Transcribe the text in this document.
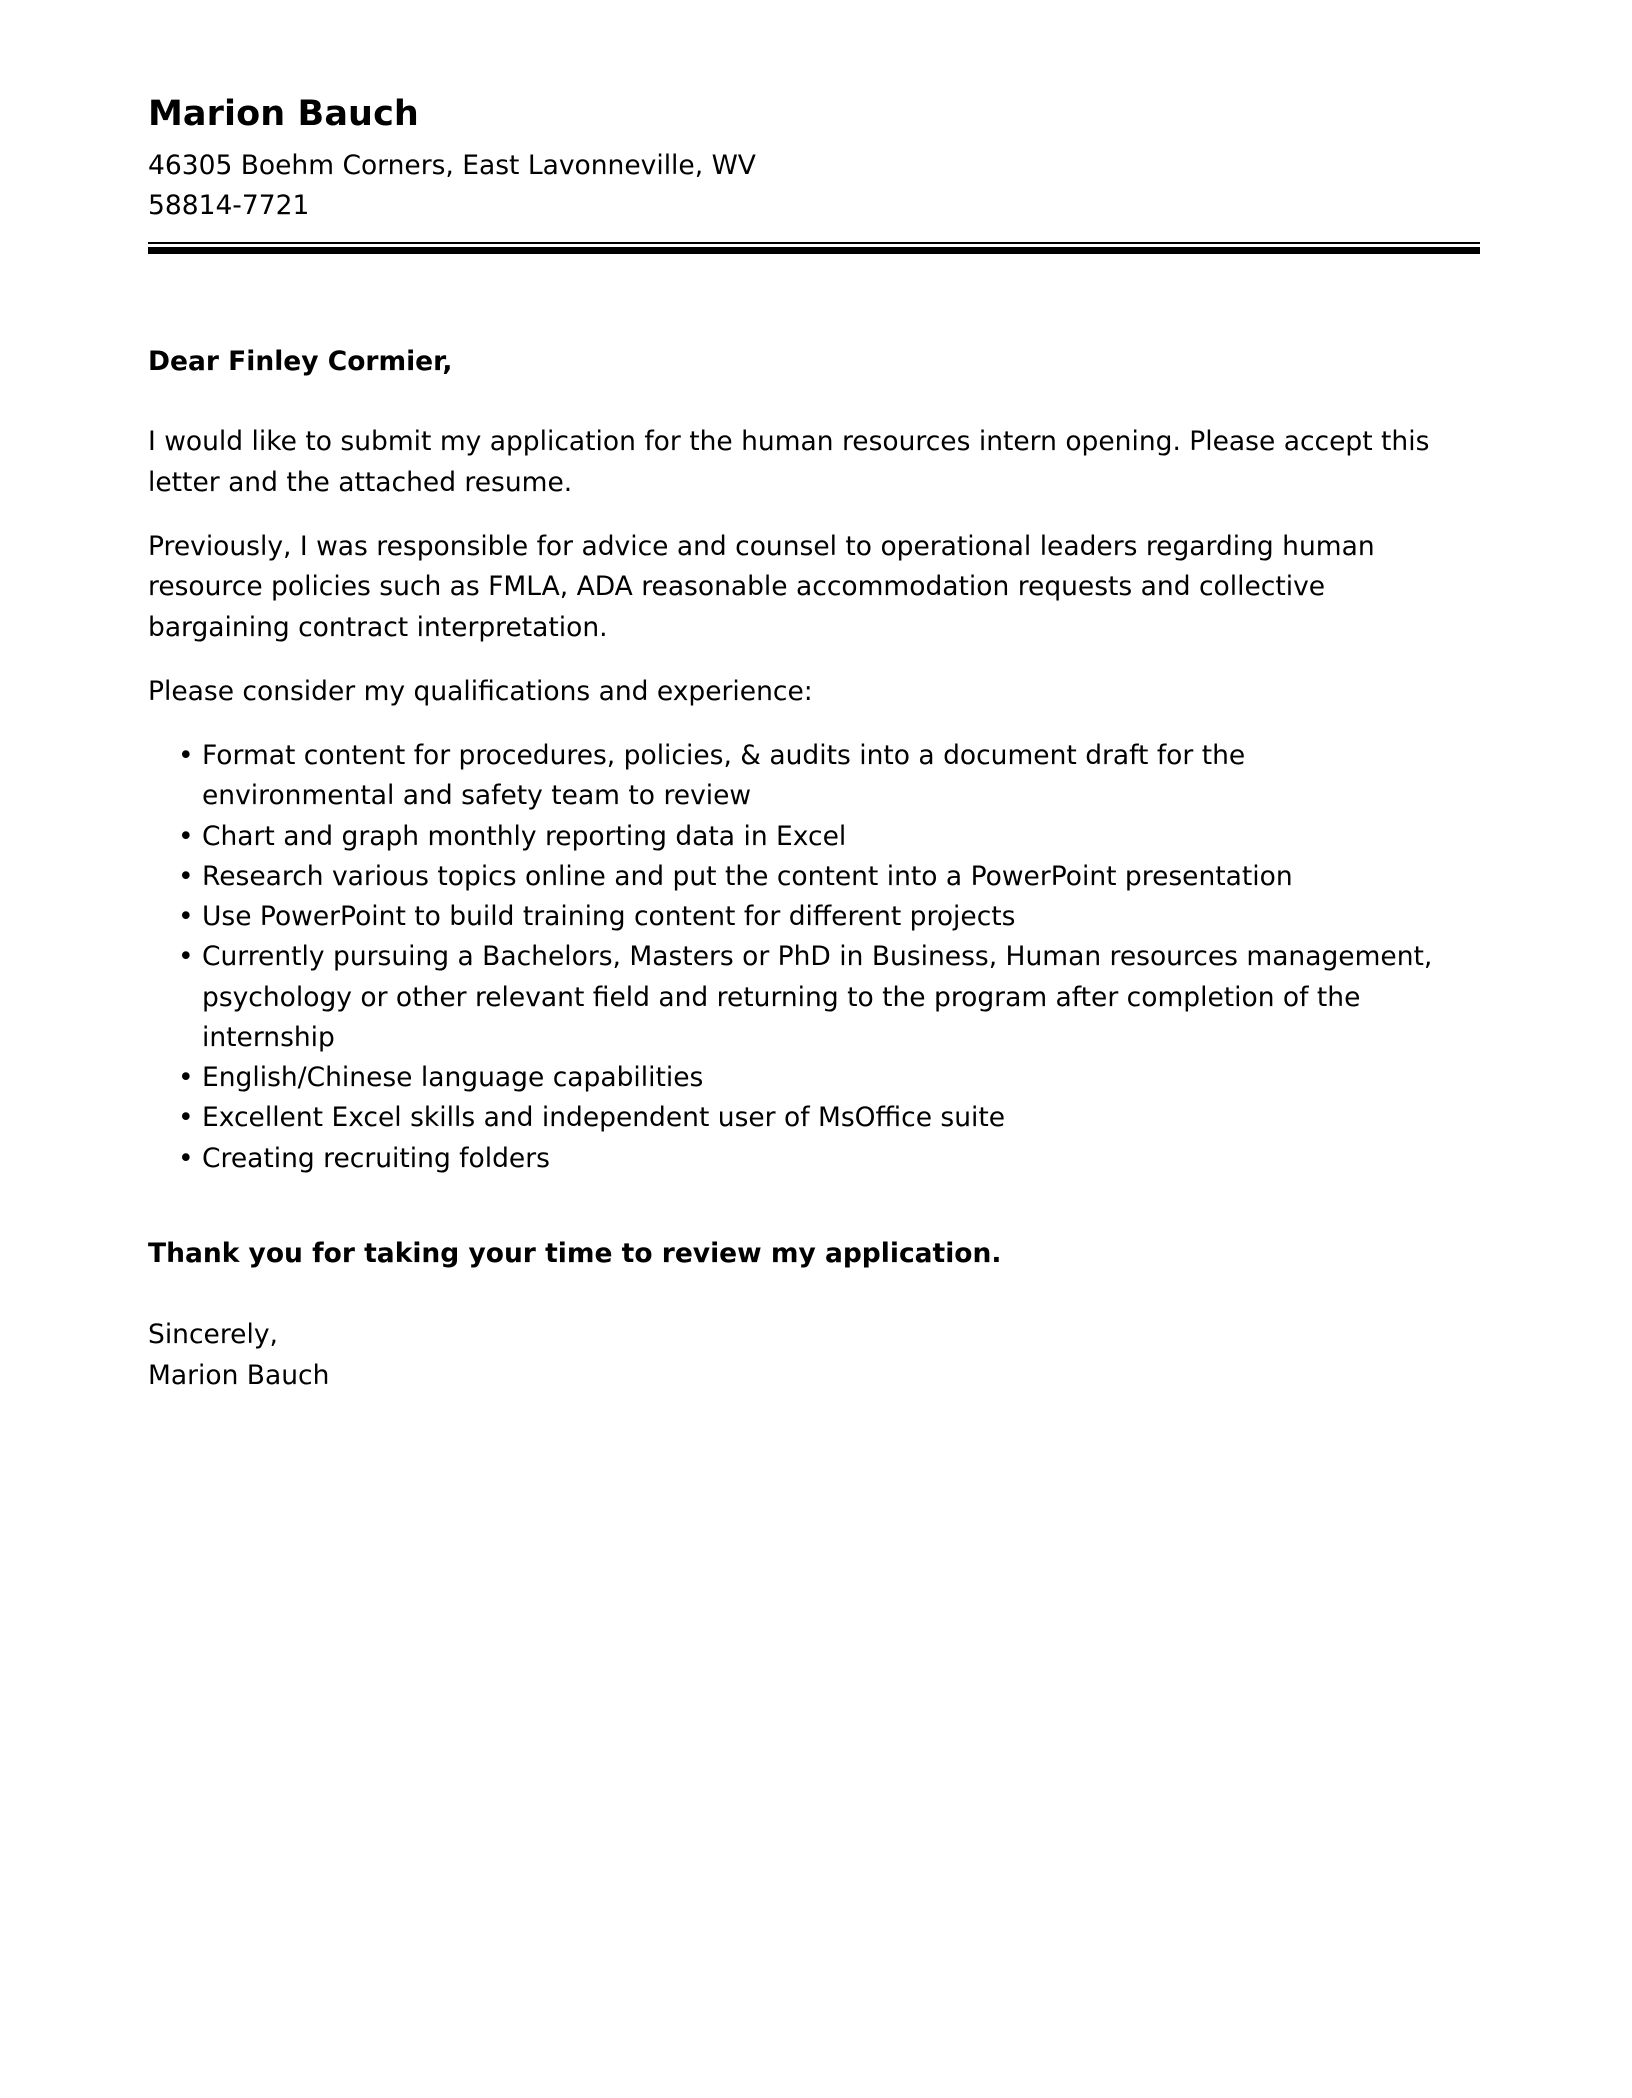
Marion Bauch

46305 Boehm Corners, East Lavonneville, WV

58814-7721

Dear Finley Cormier,

I would like to submit my application for the human resources intern opening. Please accept this letter and the attached resume.

Previously, I was responsible for advice and counsel to operational leaders regarding human resource policies such as FMLA, ADA reasonable accommodation requests and collective bargaining contract interpretation.

Please consider my qualifications and experience:

• Format content for procedures, policies, & audits into a document draft for the environmental and safety team to review
• Chart and graph monthly reporting data in Excel
• Research various topics online and put the content into a PowerPoint presentation
• Use PowerPoint to build training content for different projects
• Currently pursuing a Bachelors, Masters or PhD in Business, Human resources management, psychology or other relevant field and returning to the program after completion of the internship
• English/Chinese language capabilities
• Excellent Excel skills and independent user of MsOffice suite
• Creating recruiting folders

Thank you for taking your time to review my application.

Sincerely,

Marion Bauch
